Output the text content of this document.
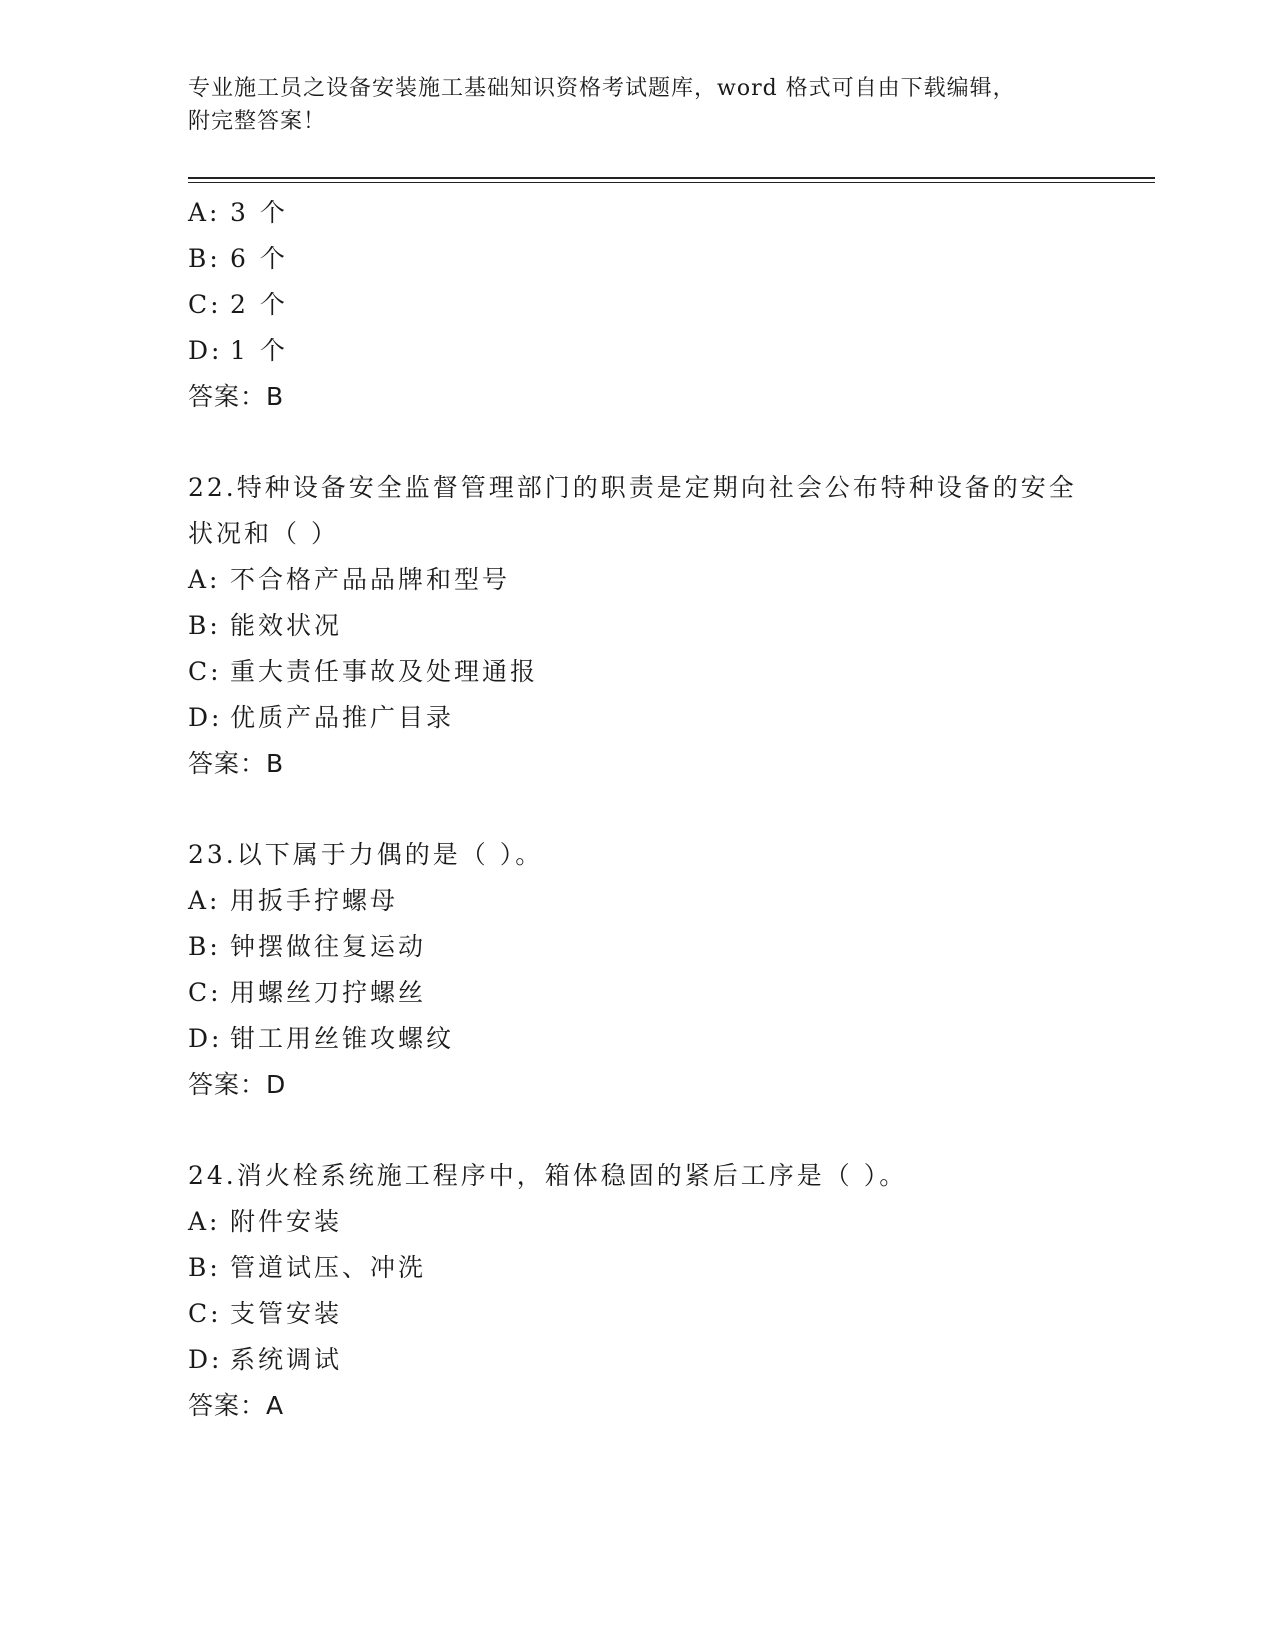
专业施工员之设备安装施工基础知识资格考试题库，word 格式可自由下载编辑，
附完整答案！
A: 3 个
B: 6 个
C: 2 个
D: 1 个
答案：B
22.特种设备安全监督管理部门的职责是定期向社会公布特种设备的安全状况和（ ）
A: 不合格产品品牌和型号
B: 能效状况
C: 重大责任事故及处理通报
D: 优质产品推广目录
答案：B
23.以下属于力偶的是（ ）。
A: 用扳手拧螺母
B: 钟摆做往复运动
C: 用螺丝刀拧螺丝
D: 钳工用丝锥攻螺纹
答案：D
24.消火栓系统施工程序中，箱体稳固的紧后工序是（ ）。
A: 附件安装
B: 管道试压、冲洗
C: 支管安装
D: 系统调试
答案：A
